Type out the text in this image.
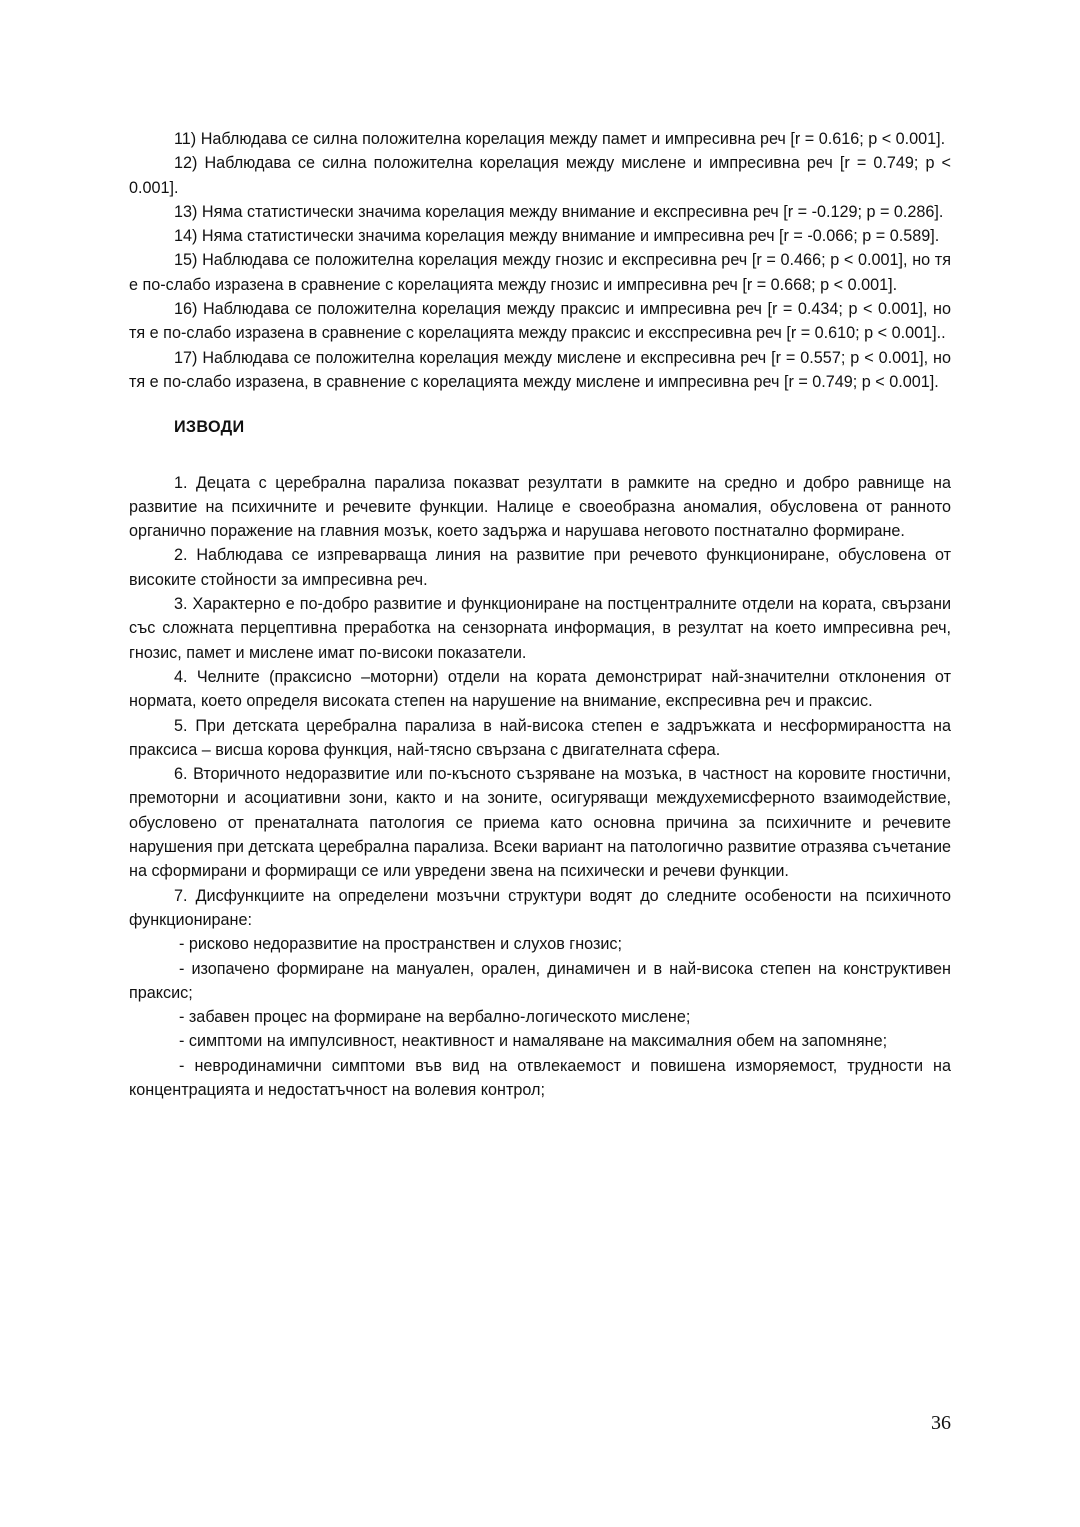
11) Наблюдава се силна положителна корелация между памет и импресивна реч [r = 0.616; p < 0.001].

12) Наблюдава се силна положителна корелация между мислене и импресивна реч [r = 0.749; p < 0.001].

13) Няма статистически значима корелация между внимание и експресивна реч [r = -0.129; p = 0.286].

14) Няма статистически значима корелация между внимание и импресивна реч [r = -0.066; p = 0.589].

15) Наблюдава се положителна корелация между гнозис и експресивна реч [r = 0.466; p < 0.001], но тя е по-слабо изразена в сравнение с корелацията между гнозис и импресивна реч [r = 0.668; p < 0.001].

16) Наблюдава се положителна корелация между праксис и импресивна реч [r = 0.434; p < 0.001], но тя е по-слабо изразена в сравнение с корелацията между праксис и ексспресивна реч [r = 0.610; p < 0.001]..

17) Наблюдава се положителна корелация между мислене и експресивна реч [r = 0.557; p < 0.001], но тя е по-слабо изразена, в сравнение с корелацията между мислене и импресивна реч [r = 0.749; p < 0.001].

ИЗВОДИ

1. Децата с церебрална парализа показват резултати в рамките на средно и добро равнище на развитие на психичните и речевите функции. Налице е своеобразна аномалия, обусловена от ранното органично поражение на главния мозък, което задържа и нарушава неговото постнатално формиране.

2. Наблюдава се изпреварваща линия на развитие при речевото функциониране, обусловена от високите стойности за импресивна реч.

3. Характерно е по-добро развитие и функциониране на постцентралните отдели на кората, свързани със сложната перцептивна преработка на сензорната информация, в резултат на което импресивна реч, гнозис, памет и мислене имат по-високи показатели.

4. Челните (праксисно –моторни) отдели на кората демонстрират най-значителни отклонения от нормата, което определя високата степен на нарушение на внимание, експресивна реч и праксис.

5. При детската церебрална парализа в най-висока степен е задръжката и несформираността на праксиса – висша корова функция, най-тясно свързана с двигателната сфера.

6. Вторичното недоразвитие или по-късното съзряване на мозъка, в частност на коровите гностични, премоторни и асоциативни зони, както и на зоните, осигуряващи междухемисферното взаимодействие, обусловено от пренаталната патология се приема като основна причина за психичните и речевите нарушения при детската церебрална парализа. Всеки вариант на патологично развитие отразява съчетание на сформирани и формиращи се или увредени звена на психически и речеви функции.

7. Дисфункциите на определени мозъчни структури водят до следните особености на психичното функциониране:

- рисково недоразвитие на пространствен и слухов гнозис;

- изопачено формиране на мануален, орален, динамичен и в най-висока степен на конструктивен праксис;

- забавен процес на формиране на вербално-логическото мислене;

- симптоми на импулсивност, неактивност и намаляване на максималния обем на запомняне;

- невродинамични симптоми във вид на отвлекаемост и повишена изморяемост, трудности на концентрацията и недостатъчност на волевия контрол;

36
